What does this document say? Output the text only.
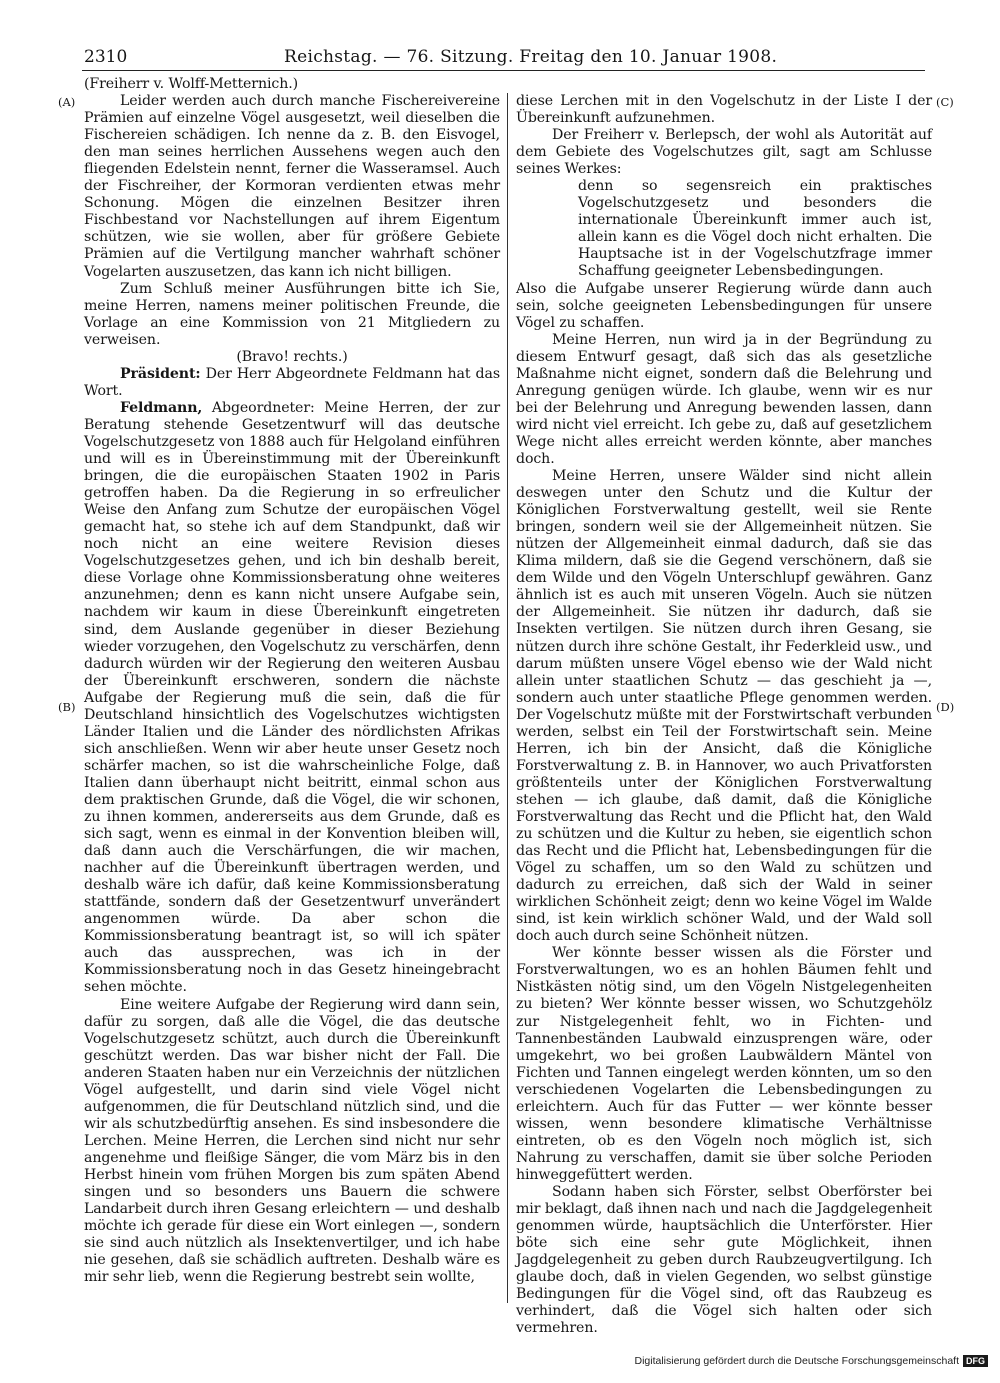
2310	Reichstag. — 76. Sitzung. Freitag den 10. Januar 1908.
(A)
(B)
(C)
(D)

(Freiherr v. Wolff-Metternich.)

Leider werden auch durch manche Fischereivereine Prämien auf einzelne Vögel ausgesetzt, weil dieselben die Fischereien schädigen. Ich nenne da z. B. den Eisvogel, den man seines herrlichen Aussehens wegen auch den fliegenden Edelstein nennt, ferner die Wasseramsel. Auch der Fischreiher, der Kormoran verdienten etwas mehr Schonung. Mögen die einzelnen Besitzer ihren Fischbestand vor Nachstellungen auf ihrem Eigentum schützen, wie sie wollen, aber für größere Gebiete Prämien auf die Vertilgung mancher wahrhaft schöner Vogelarten auszusetzen, das kann ich nicht billigen.

Zum Schluß meiner Ausführungen bitte ich Sie, meine Herren, namens meiner politischen Freunde, die Vorlage an eine Kommission von 21 Mitgliedern zu verweisen.

(Bravo! rechts.)

Präsident: Der Herr Abgeordnete Feldmann hat das Wort.

Feldmann, Abgeordneter: Meine Herren, der zur Beratung stehende Gesetzentwurf will das deutsche Vogelschutzgesetz von 1888 auch für Helgoland einführen und will es in Übereinstimmung mit der Übereinkunft bringen, die die europäischen Staaten 1902 in Paris getroffen haben. Da die Regierung in so erfreulicher Weise den Anfang zum Schutze der europäischen Vögel gemacht hat, so stehe ich auf dem Standpunkt, daß wir noch nicht an eine weitere Revision dieses Vogelschutzgesetzes gehen, und ich bin deshalb bereit, diese Vorlage ohne Kommissionsberatung ohne weiteres anzunehmen; denn es kann nicht unsere Aufgabe sein, nachdem wir kaum in diese Übereinkunft eingetreten sind, dem Auslande gegenüber in dieser Beziehung wieder vorzugehen, den Vogelschutz zu verschärfen, denn dadurch würden wir der Regierung den weiteren Ausbau der Übereinkunft erschweren, sondern die nächste Aufgabe der Regierung muß die sein, daß die für Deutschland hinsichtlich des Vogelschutzes wichtigsten Länder Italien und die Länder des nördlichsten Afrikas sich anschließen. Wenn wir aber heute unser Gesetz noch schärfer machen, so ist die wahrscheinliche Folge, daß Italien dann überhaupt nicht beitritt, einmal schon aus dem praktischen Grunde, daß die Vögel, die wir schonen, zu ihnen kommen, andererseits aus dem Grunde, daß es sich sagt, wenn es einmal in der Konvention bleiben will, daß dann auch die Verschärfungen, die wir machen, nachher auf die Übereinkunft übertragen werden, und deshalb wäre ich dafür, daß keine Kommissionsberatung stattfände, sondern daß der Gesetzentwurf unverändert angenommen würde. Da aber schon die Kommissionsberatung beantragt ist, so will ich später auch das aussprechen, was ich in der Kommissionsberatung noch in das Gesetz hineingebracht sehen möchte.

Eine weitere Aufgabe der Regierung wird dann sein, dafür zu sorgen, daß alle die Vögel, die das deutsche Vogelschutzgesetz schützt, auch durch die Übereinkunft geschützt werden. Das war bisher nicht der Fall. Die anderen Staaten haben nur ein Verzeichnis der nützlichen Vögel aufgestellt, und darin sind viele Vögel nicht aufgenommen, die für Deutschland nützlich sind, und die wir als schutzbedürftig ansehen. Es sind insbesondere die Lerchen. Meine Herren, die Lerchen sind nicht nur sehr angenehme und fleißige Sänger, die vom März bis in den Herbst hinein vom frühen Morgen bis zum späten Abend singen und so besonders uns Bauern die schwere Landarbeit durch ihren Gesang erleichtern — und deshalb möchte ich gerade für diese ein Wort einlegen —, sondern sie sind auch nützlich als Insektenvertilger, und ich habe nie gesehen, daß sie schädlich auftreten. Deshalb wäre es mir sehr lieb, wenn die Regierung bestrebt sein wollte,

diese Lerchen mit in den Vogelschutz in der Liste I der Übereinkunft aufzunehmen.

Der Freiherr v. Berlepsch, der wohl als Autorität auf dem Gebiete des Vogelschutzes gilt, sagt am Schlusse seines Werkes:

denn so segensreich ein praktisches Vogelschutzgesetz und besonders die internationale Übereinkunft immer auch ist, allein kann es die Vögel doch nicht erhalten. Die Hauptsache ist in der Vogelschutzfrage immer Schaffung geeigneter Lebensbedingungen.

Also die Aufgabe unserer Regierung würde dann auch sein, solche geeigneten Lebensbedingungen für unsere Vögel zu schaffen.

Meine Herren, nun wird ja in der Begründung zu diesem Entwurf gesagt, daß sich das als gesetzliche Maßnahme nicht eignet, sondern daß die Belehrung und Anregung genügen würde. Ich glaube, wenn wir es nur bei der Belehrung und Anregung bewenden lassen, dann wird nicht viel erreicht. Ich gebe zu, daß auf gesetzlichem Wege nicht alles erreicht werden könnte, aber manches doch.

Meine Herren, unsere Wälder sind nicht allein deswegen unter den Schutz und die Kultur der Königlichen Forstverwaltung gestellt, weil sie Rente bringen, sondern weil sie der Allgemeinheit nützen. Sie nützen der Allgemeinheit einmal dadurch, daß sie das Klima mildern, daß sie die Gegend verschönern, daß sie dem Wilde und den Vögeln Unterschlupf gewähren. Ganz ähnlich ist es auch mit unseren Vögeln. Auch sie nützen der Allgemeinheit. Sie nützen ihr dadurch, daß sie Insekten vertilgen. Sie nützen durch ihren Gesang, sie nützen durch ihre schöne Gestalt, ihr Federkleid usw., und darum müßten unsere Vögel ebenso wie der Wald nicht allein unter staatlichen Schutz — das geschieht ja —, sondern auch unter staatliche Pflege genommen werden. Der Vogelschutz müßte mit der Forstwirtschaft verbunden werden, selbst ein Teil der Forstwirtschaft sein. Meine Herren, ich bin der Ansicht, daß die Königliche Forstverwaltung z. B. in Hannover, wo auch Privatforsten größtenteils unter der Königlichen Forstverwaltung stehen — ich glaube, daß damit, daß die Königliche Forstverwaltung das Recht und die Pflicht hat, den Wald zu schützen und die Kultur zu heben, sie eigentlich schon das Recht und die Pflicht hat, Lebensbedingungen für die Vögel zu schaffen, um so den Wald zu schützen und dadurch zu erreichen, daß sich der Wald in seiner wirklichen Schönheit zeigt; denn wo keine Vögel im Walde sind, ist kein wirklich schöner Wald, und der Wald soll doch auch durch seine Schönheit nützen.

Wer könnte besser wissen als die Förster und Forstverwaltungen, wo es an hohlen Bäumen fehlt und Nistkästen nötig sind, um den Vögeln Nistgelegenheiten zu bieten? Wer könnte besser wissen, wo Schutzgehölz zur Nistgelegenheit fehlt, wo in Fichten- und Tannenbeständen Laubwald einzusprengen wäre, oder umgekehrt, wo bei großen Laubwäldern Mäntel von Fichten und Tannen eingelegt werden könnten, um so den verschiedenen Vogelarten die Lebensbedingungen zu erleichtern. Auch für das Futter — wer könnte besser wissen, wenn besondere klimatische Verhältnisse eintreten, ob es den Vögeln noch möglich ist, sich Nahrung zu verschaffen, damit sie über solche Perioden hinweggefüttert werden.

Sodann haben sich Förster, selbst Oberförster bei mir beklagt, daß ihnen nach und nach die Jagdgelegenheit genommen würde, hauptsächlich die Unterförster. Hier böte sich eine sehr gute Möglichkeit, ihnen Jagdgelegenheit zu geben durch Raubzeugvertilgung. Ich glaube doch, daß in vielen Gegenden, wo selbst günstige Bedingungen für die Vögel sind, oft das Raubzeug es verhindert, daß die Vögel sich halten oder sich vermehren.

Digitalisierung gefördert durch die Deutsche Forschungsgemeinschaft DFG
